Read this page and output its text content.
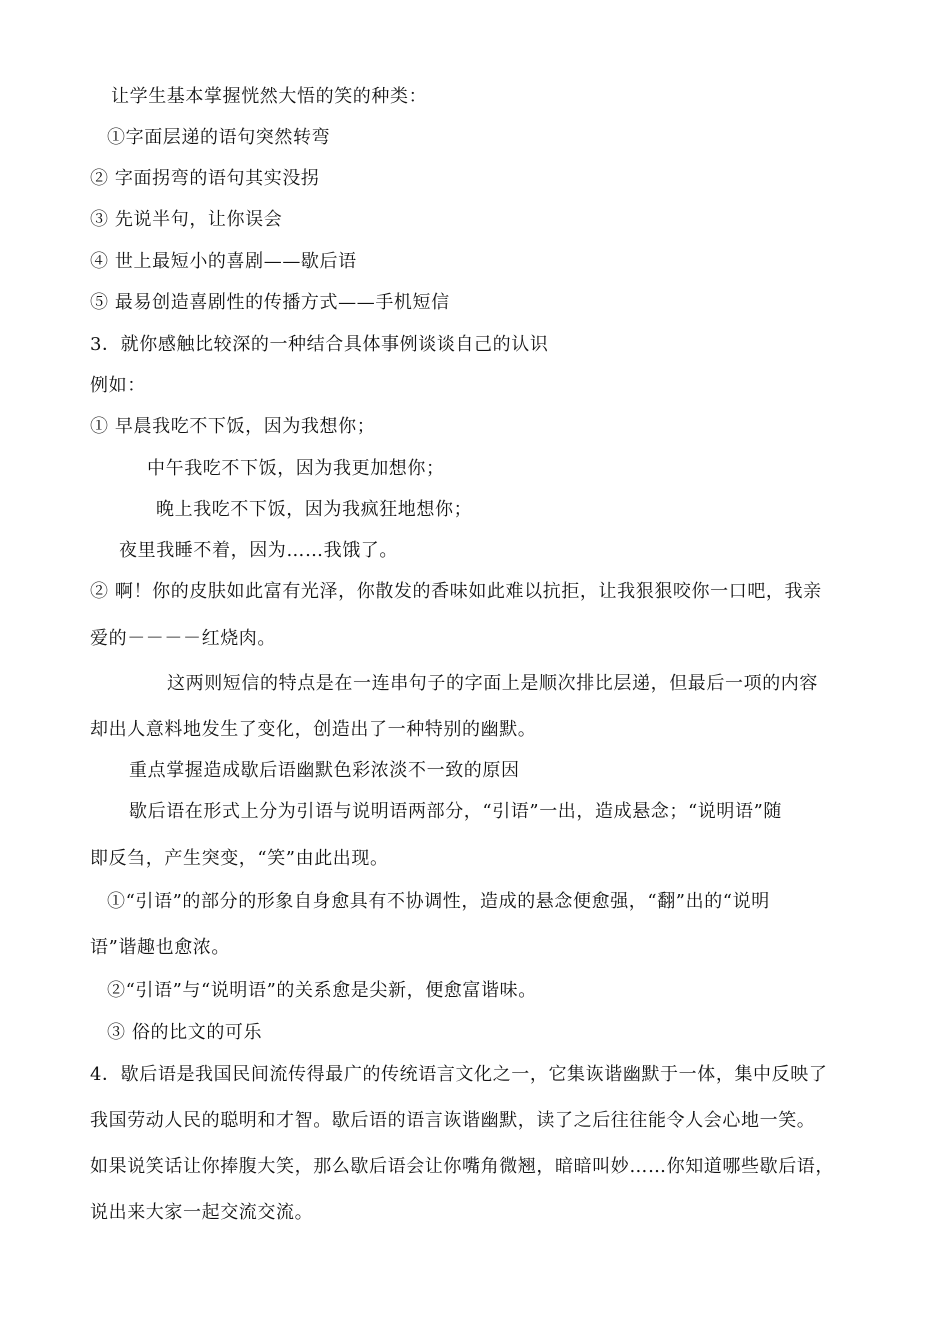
让学生基本掌握恍然大悟的笑的种类：
①字面层递的语句突然转弯
② 字面拐弯的语句其实没拐
③ 先说半句，让你误会
④ 世上最短小的喜剧——歇后语
⑤ 最易创造喜剧性的传播方式——手机短信
3．就你感触比较深的一种结合具体事例谈谈自己的认识
例如：
① 早晨我吃不下饭，因为我想你；
中午我吃不下饭，因为我更加想你；
晚上我吃不下饭，因为我疯狂地想你；
夜里我睡不着，因为……我饿了。
② 啊！你的皮肤如此富有光泽，你散发的香味如此难以抗拒，让我狠狠咬你一口吧，我亲
爱的－－－－红烧肉。
这两则短信的特点是在一连串句子的字面上是顺次排比层递，但最后一项的内容
却出人意料地发生了变化，创造出了一种特别的幽默。
重点掌握造成歇后语幽默色彩浓淡不一致的原因
歇后语在形式上分为引语与说明语两部分，“引语”一出，造成悬念；“说明语”随
即反刍，产生突变，“笑”由此出现。
①“引语”的部分的形象自身愈具有不协调性，造成的悬念便愈强，“翻”出的“说明
语”谐趣也愈浓。
②“引语”与“说明语”的关系愈是尖新，便愈富谐味。
③ 俗的比文的可乐
4．歇后语是我国民间流传得最广的传统语言文化之一，它集诙谐幽默于一体，集中反映了
我国劳动人民的聪明和才智。歇后语的语言诙谐幽默，读了之后往往能令人会心地一笑。
如果说笑话让你捧腹大笑，那么歇后语会让你嘴角微翘，暗暗叫妙……你知道哪些歇后语，
说出来大家一起交流交流。
